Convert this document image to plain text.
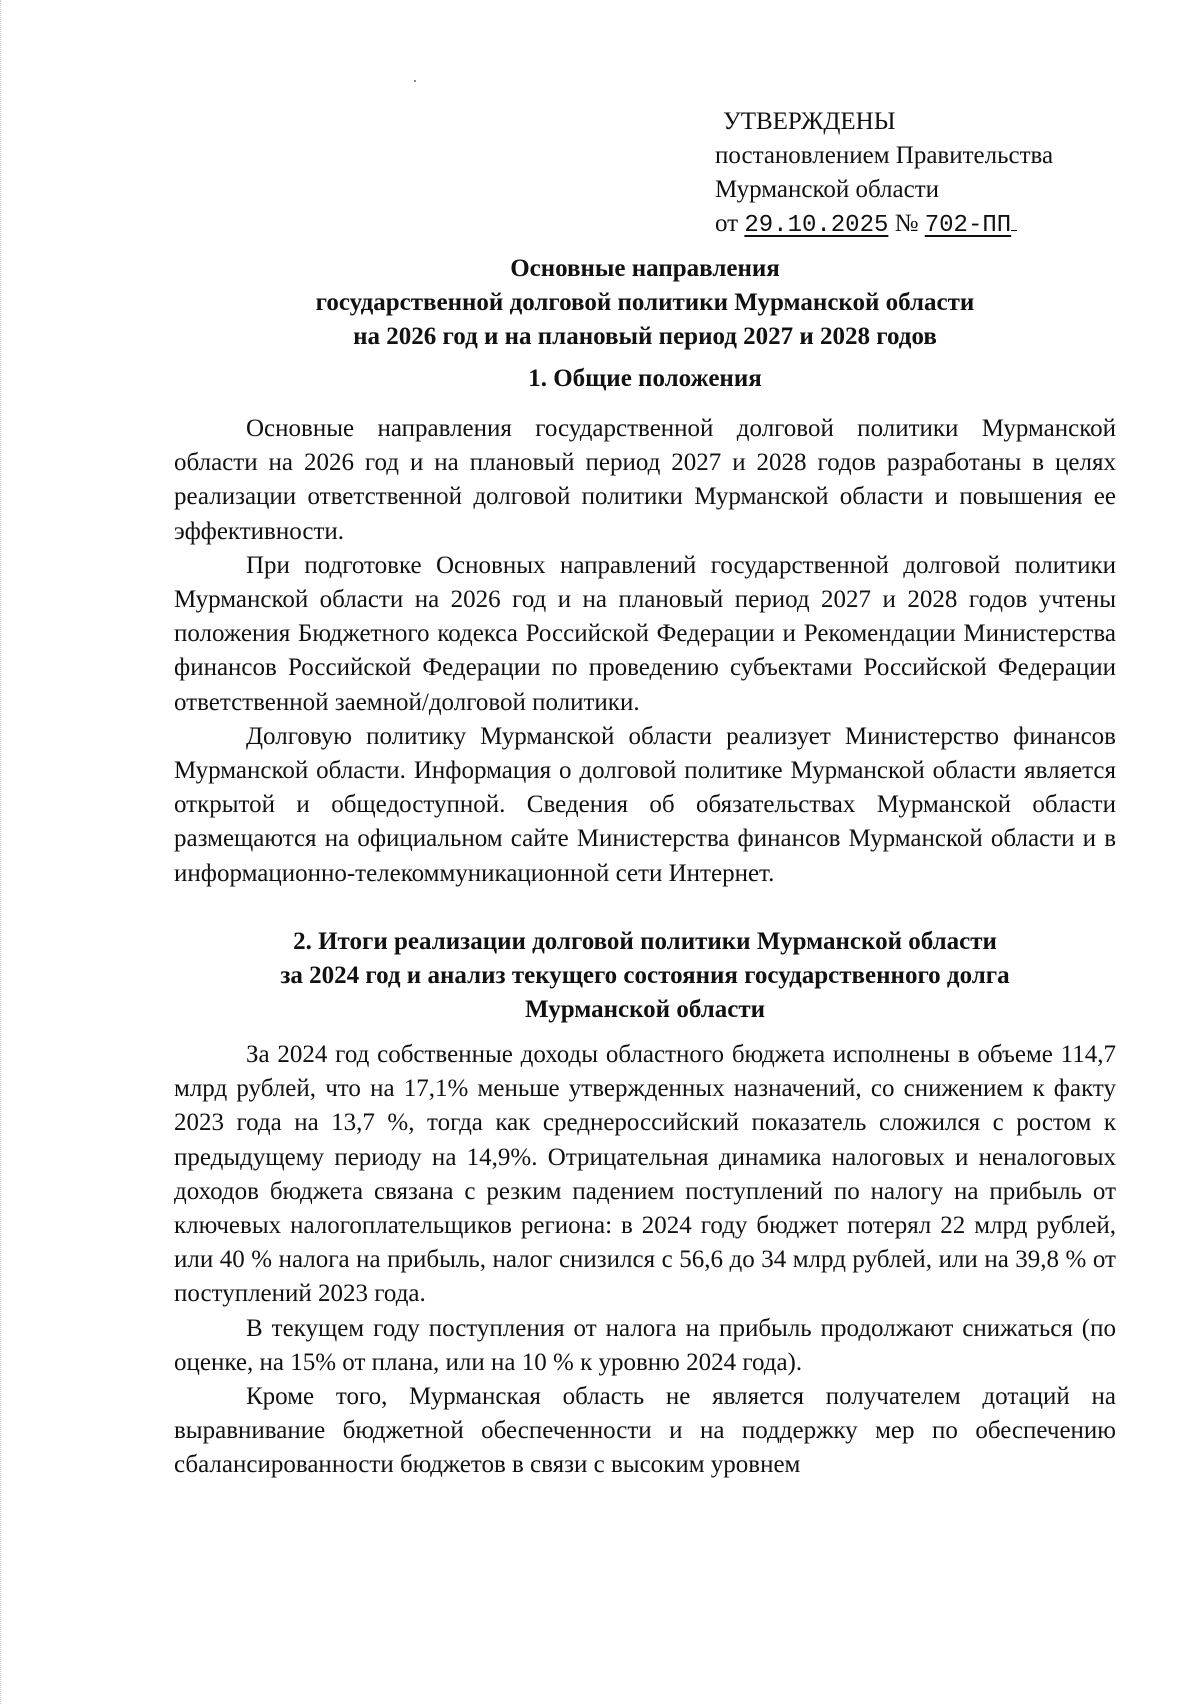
УТВЕРЖДЕНЫ
постановлением Правительства
Мурманской области
от 29.10.2025 № 702-ПП
Основные направления
государственной долговой политики Мурманской области
на 2026 год и на плановый период 2027 и 2028 годов
1. Общие положения

Основные направления государственной долговой политики Мурманской области на 2026 год и на плановый период 2027 и 2028 годов разработаны в целях реализации ответственной долговой политики Мурманской области и повышения ее эффективности.

При подготовке Основных направлений государственной долговой политики Мурманской области на 2026 год и на плановый период 2027 и 2028 годов учтены положения Бюджетного кодекса Российской Федерации и Рекомендации Министерства финансов Российской Федерации по проведению субъектами Российской Федерации ответственной заемной/долговой политики.

Долговую политику Мурманской области реализует Министерство финансов Мурманской области. Информация о долговой политике Мурманской области является открытой и общедоступной. Сведения об обязательствах Мурманской области размещаются на официальном сайте Министерства финансов Мурманской области и в информационно-телекоммуникационной сети Интернет.

2. Итоги реализации долговой политики Мурманской области
за 2024 год и анализ текущего состояния государственного долга
Мурманской области

За 2024 год собственные доходы областного бюджета исполнены в объеме 114,7 млрд рублей, что на 17,1% меньше утвержденных назначений, со снижением к факту 2023 года на 13,7 %, тогда как среднероссийский показатель сложился с ростом к предыдущему периоду на 14,9%. Отрицательная динамика налоговых и неналоговых доходов бюджета связана с резким падением поступлений по налогу на прибыль от ключевых налогоплательщиков региона: в 2024 году бюджет потерял 22 млрд рублей, или 40 % налога на прибыль, налог снизился с 56,6 до 34 млрд рублей, или на 39,8 % от поступлений 2023 года.

В текущем году поступления от налога на прибыль продолжают снижаться (по оценке, на 15% от плана, или на 10 % к уровню 2024 года).

Кроме того, Мурманская область не является получателем дотаций на выравнивание бюджетной обеспеченности и на поддержку мер по обеспечению сбалансированности бюджетов в связи с высоким уровнем
